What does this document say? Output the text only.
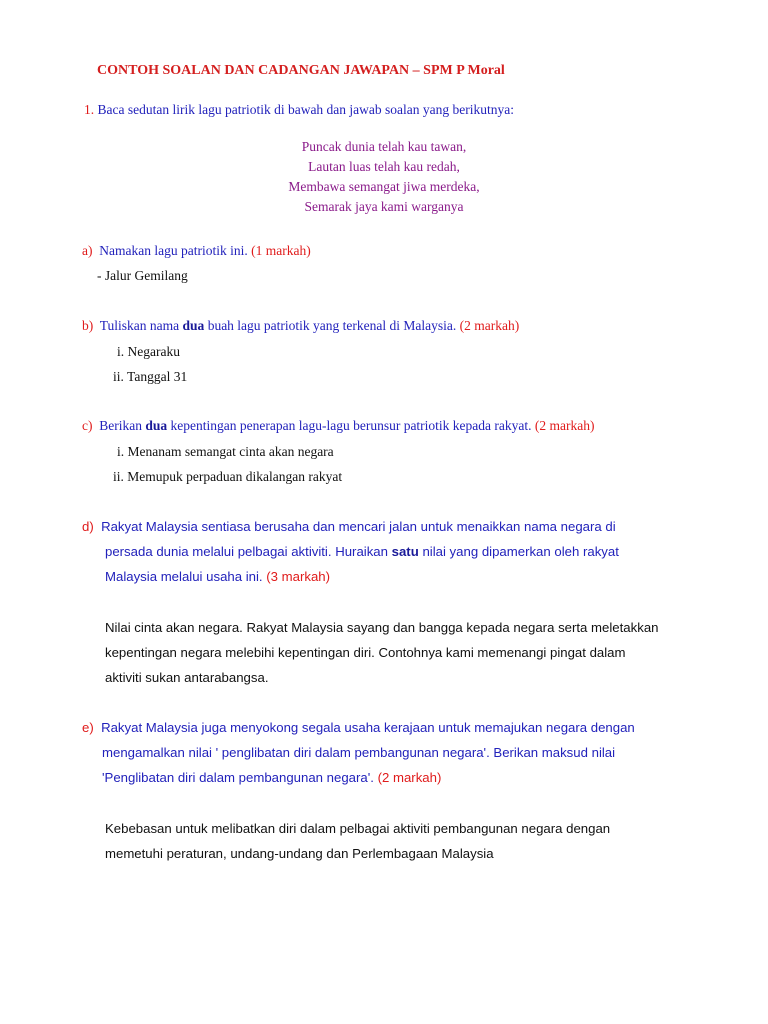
CONTOH SOALAN DAN CADANGAN JAWAPAN – SPM P Moral
1. Baca sedutan lirik lagu patriotik di bawah dan jawab soalan yang berikutnya:
Puncak dunia telah kau tawan,
Lautan luas telah kau redah,
Membawa semangat jiwa merdeka,
Semarak jaya kami warganya
a) Namakan lagu patriotik ini. (1 markah)
- Jalur Gemilang
b) Tuliskan nama dua buah lagu patriotik yang terkenal di Malaysia. (2 markah)
i. Negaraku
ii. Tanggal 31
c) Berikan dua kepentingan penerapan lagu-lagu berunsur patriotik kepada rakyat. (2 markah)
i. Menanam semangat cinta akan negara
ii. Memupuk perpaduan dikalangan rakyat
d) Rakyat Malaysia sentiasa berusaha dan mencari jalan untuk menaikkan nama negara di
persada dunia melalui pelbagai aktiviti. Huraikan satu nilai yang dipamerkan oleh rakyat
Malaysia melalui usaha ini. (3 markah)
Nilai cinta akan negara. Rakyat Malaysia sayang dan bangga kepada negara serta meletakkan
kepentingan negara melebihi kepentingan diri. Contohnya kami memenangi pingat dalam
aktiviti sukan antarabangsa.
e) Rakyat Malaysia juga menyokong segala usaha kerajaan untuk memajukan negara dengan
mengamalkan nilai ' penglibatan diri dalam pembangunan negara'. Berikan maksud nilai
'Penglibatan diri dalam pembangunan negara'. (2 markah)
Kebebasan untuk melibatkan diri dalam pelbagai aktiviti pembangunan negara dengan
memetuhi peraturan, undang-undang dan Perlembagaan Malaysia
